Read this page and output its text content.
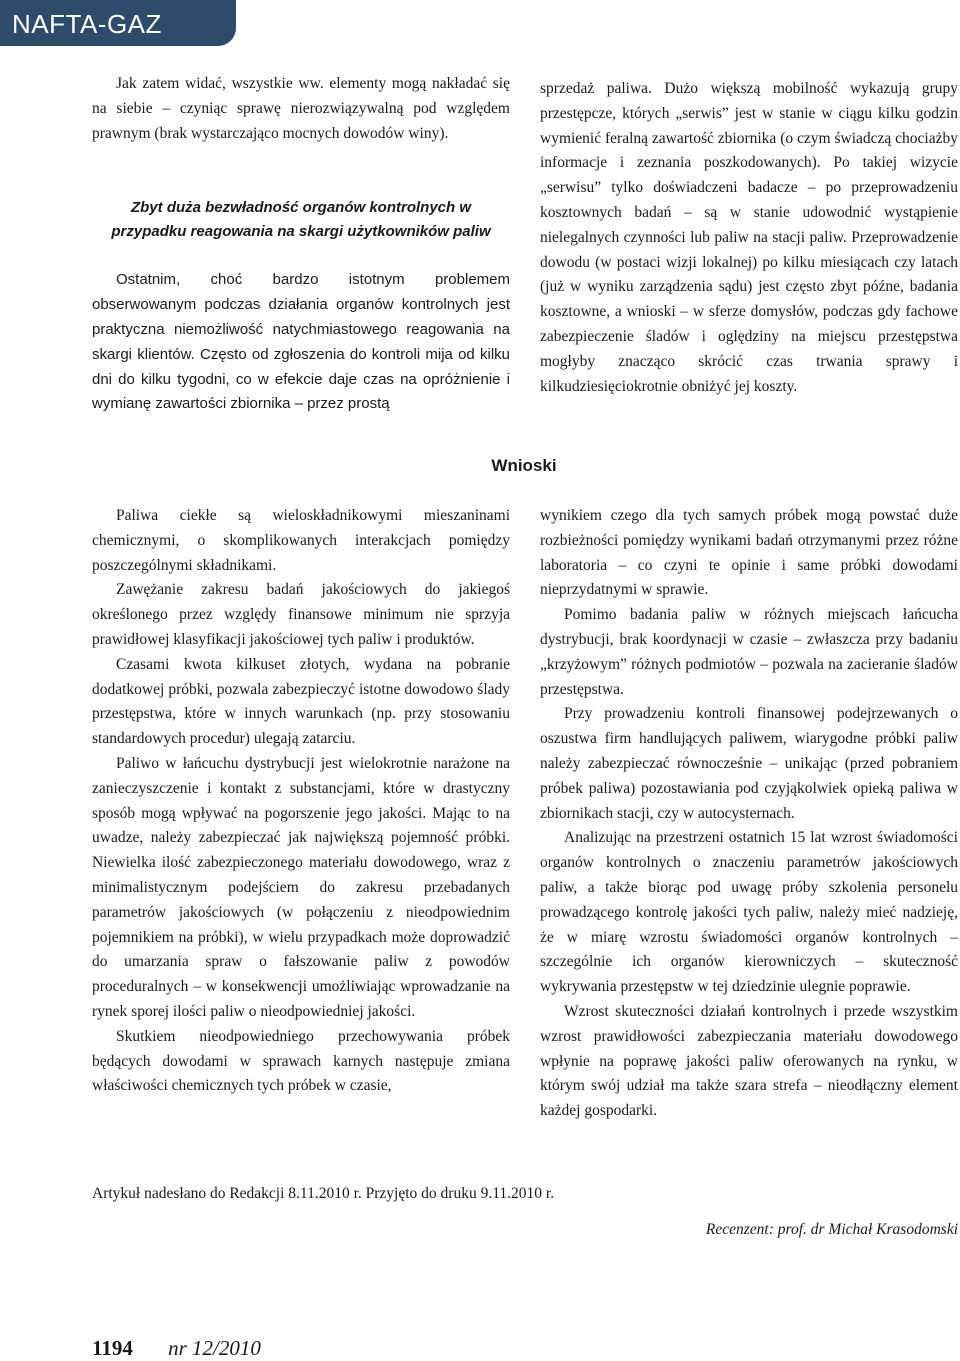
NAFTA-GAZ

Jak zatem widać, wszystkie ww. elementy mogą nakładać się na siebie – czyniąc sprawę nierozwiązywalną pod względem prawnym (brak wystarczająco mocnych dowodów winy).

Zbyt duża bezwładność organów kontrolnych w przypadku reagowania na skargi użytkowników paliw

Ostatnim, choć bardzo istotnym problemem obserwowanym podczas działania organów kontrolnych jest praktyczna niemożliwość natychmiastowego reagowania na skargi klientów. Często od zgłoszenia do kontroli mija od kilku dni do kilku tygodni, co w efekcie daje czas na opróżnienie i wymianę zawartości zbiornika – przez prostą

sprzedaż paliwa. Dużo większą mobilność wykazują grupy przestępcze, których „serwis” jest w stanie w ciągu kilku godzin wymienić feralną zawartość zbiornika (o czym świadczą chociażby informacje i zeznania poszkodowanych). Po takiej wizycie „serwisu” tylko doświadczeni badacze – po przeprowadzeniu kosztownych badań – są w stanie udowodnić wystąpienie nielegalnych czynności lub paliw na stacji paliw. Przeprowadzenie dowodu (w postaci wizji lokalnej) po kilku miesiącach czy latach (już w wyniku zarządzenia sądu) jest często zbyt późne, badania kosztowne, a wnioski – w sferze domysłów, podczas gdy fachowe zabezpieczenie śladów i oględziny na miejscu przestępstwa mogłyby znacząco skrócić czas trwania sprawy i kilkudziesięciokrotnie obniżyć jej koszty.

Wnioski

Paliwa ciekłe są wieloskładnikowymi mieszaninami chemicznymi, o skomplikowanych interakcjach pomiędzy poszczególnymi składnikami.

Zawężanie zakresu badań jakościowych do jakiegoś określonego przez względy finansowe minimum nie sprzyja prawidłowej klasyfikacji jakościowej tych paliw i produktów.

Czasami kwota kilkuset złotych, wydana na pobranie dodatkowej próbki, pozwala zabezpieczyć istotne dowodowo ślady przestępstwa, które w innych warunkach (np. przy stosowaniu standardowych procedur) ulegają zatarciu.

Paliwo w łańcuchu dystrybucji jest wielokrotnie narażone na zanieczyszczenie i kontakt z substancjami, które w drastyczny sposób mogą wpływać na pogorszenie jego jakości. Mając to na uwadze, należy zabezpieczać jak największą pojemność próbki. Niewielka ilość zabezpieczonego materiału dowodowego, wraz z minimalistycznym podejściem do zakresu przebadanych parametrów jakościowych (w połączeniu z nieodpowiednim pojemnikiem na próbki), w wielu przypadkach może doprowadzić do umarzania spraw o fałszowanie paliw z powodów proceduralnych – w konsekwencji umożliwiając wprowadzanie na rynek sporej ilości paliw o nieodpowiedniej jakości.

Skutkiem nieodpowiedniego przechowywania próbek będących dowodami w sprawach karnych następuje zmiana właściwości chemicznych tych próbek w czasie,

wynikiem czego dla tych samych próbek mogą powstać duże rozbieżności pomiędzy wynikami badań otrzymanymi przez różne laboratoria – co czyni te opinie i same próbki dowodami nieprzydatnymi w sprawie.

Pomimo badania paliw w różnych miejscach łańcucha dystrybucji, brak koordynacji w czasie – zwłaszcza przy badaniu „krzyżowym” różnych podmiotów – pozwala na zacieranie śladów przestępstwa.

Przy prowadzeniu kontroli finansowej podejrzewanych o oszustwa firm handlujących paliwem, wiarygodne próbki paliw należy zabezpieczać równocześnie – unikając (przed pobraniem próbek paliwa) pozostawiania pod czyjąkolwiek opieką paliwa w zbiornikach stacji, czy w autocysternach.

Analizując na przestrzeni ostatnich 15 lat wzrost świadomości organów kontrolnych o znaczeniu parametrów jakościowych paliw, a także biorąc pod uwagę próby szkolenia personelu prowadzącego kontrolę jakości tych paliw, należy mieć nadzieję, że w miarę wzrostu świadomości organów kontrolnych – szczególnie ich organów kierowniczych – skuteczność wykrywania przestępstw w tej dziedzinie ulegnie poprawie.

Wzrost skuteczności działań kontrolnych i przede wszystkim wzrost prawidłowości zabezpieczania materiału dowodowego wpłynie na poprawę jakości paliw oferowanych na rynku, w którym swój udział ma także szara strefa – nieodłączny element każdej gospodarki.

Artykuł nadesłano do Redakcji 8.11.2010 r. Przyjęto do druku 9.11.2010 r.
Recenzent: prof. dr Michał Krasodomski
1194 nr 12/2010
